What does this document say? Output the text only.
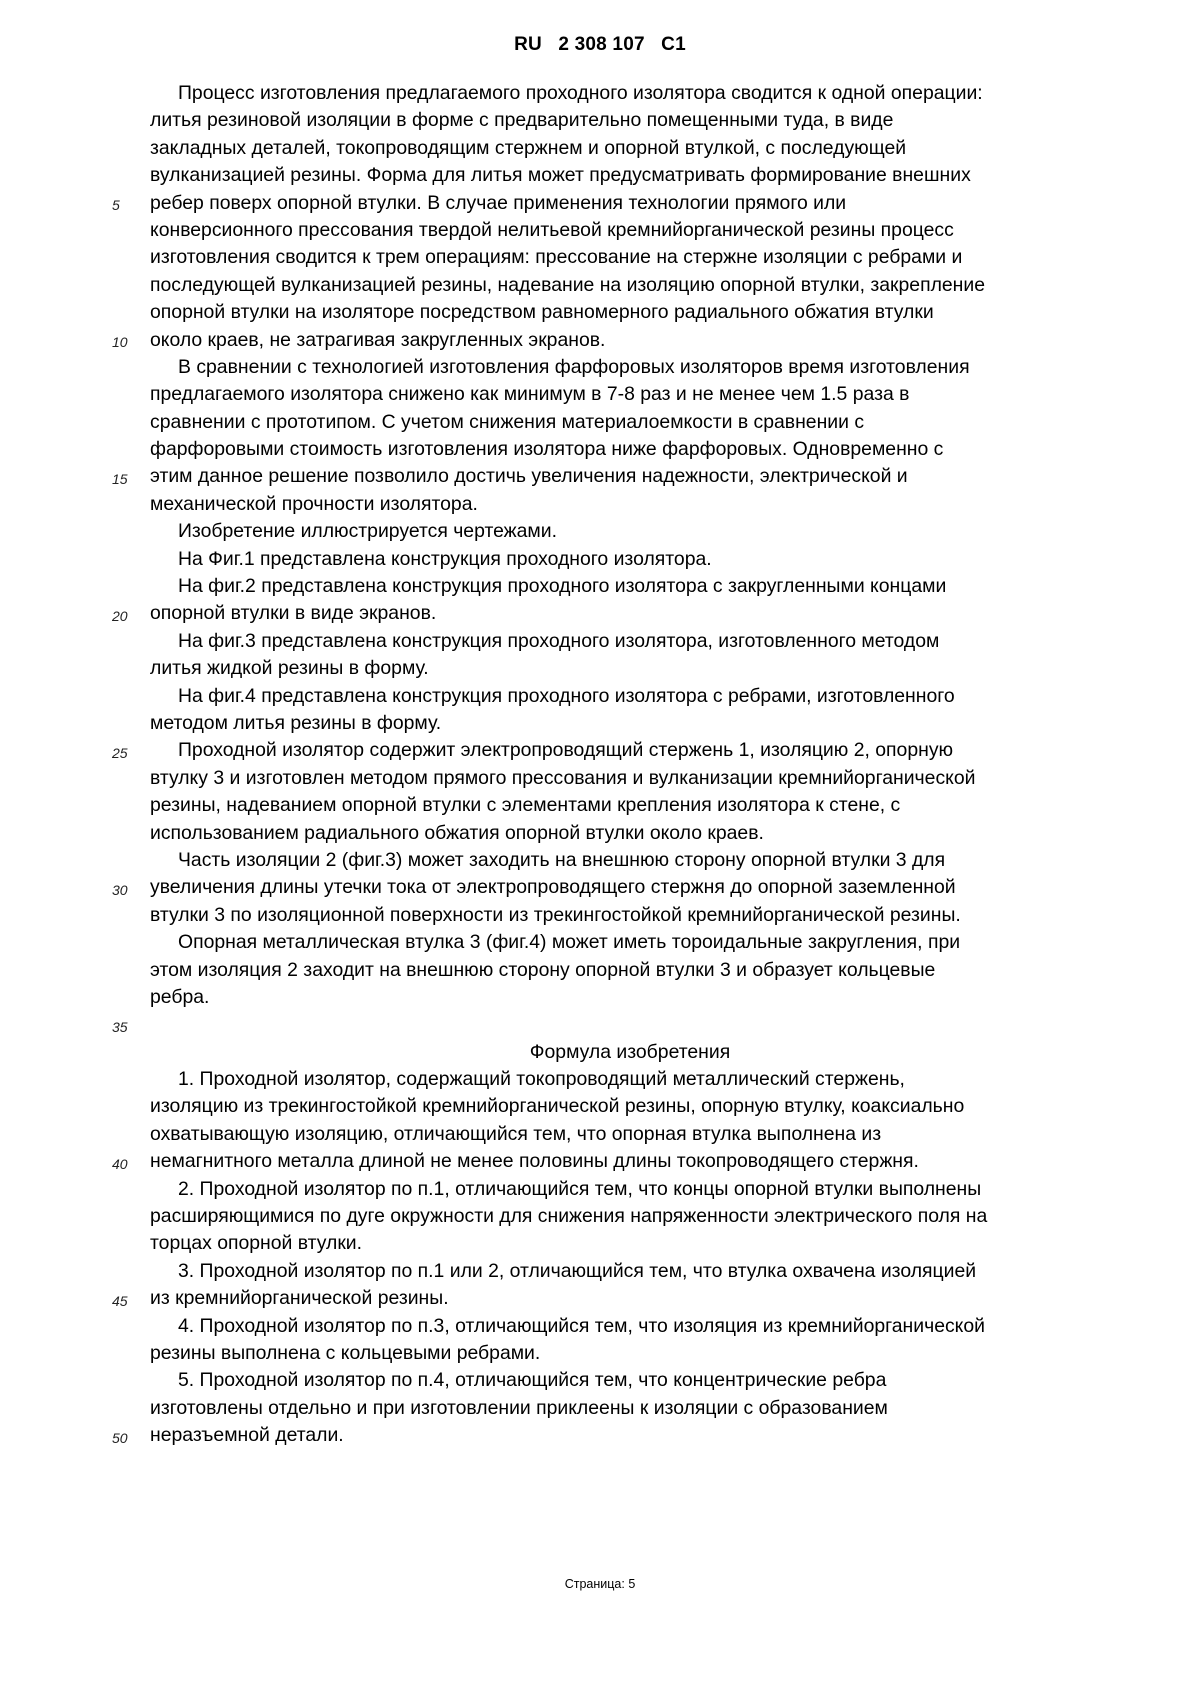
RU   2 308 107   C1
Процесс изготовления предлагаемого проходного изолятора сводится к одной операции:
литья резиновой изоляции в форме с предварительно помещенными туда, в виде
закладных деталей, токопроводящим стержнем и опорной втулкой, с последующей
вулканизацией резины. Форма для литья может предусматривать формирование внешних
ребер поверх опорной втулки. В случае применения технологии прямого или
конверсионного прессования твердой нелитьевой кремнийорганической резины процесс
изготовления сводится к трем операциям: прессование на стержне изоляции с ребрами и
последующей вулканизацией резины, надевание на изоляцию опорной втулки, закрепление
опорной втулки на изоляторе посредством равномерного радиального обжатия втулки
около краев, не затрагивая закругленных экранов.
В сравнении с технологией изготовления фарфоровых изоляторов время изготовления
предлагаемого изолятора снижено как минимум в 7-8 раз и не менее чем 1.5 раза в
сравнении с прототипом. С учетом снижения материалоемкости в сравнении с
фарфоровыми стоимость изготовления изолятора ниже фарфоровых. Одновременно с
этим данное решение позволило достичь увеличения надежности, электрической и
механической прочности изолятора.
Изобретение иллюстрируется чертежами.
На Фиг.1 представлена конструкция проходного изолятора.
На фиг.2 представлена конструкция проходного изолятора с закругленными концами
опорной втулки в виде экранов.
На фиг.3 представлена конструкция проходного изолятора, изготовленного методом
литья жидкой резины в форму.
На фиг.4 представлена конструкция проходного изолятора с ребрами, изготовленного
методом литья резины в форму.
Проходной изолятор содержит электропроводящий стержень 1, изоляцию 2, опорную
втулку 3 и изготовлен методом прямого прессования и вулканизации кремнийорганической
резины, надеванием опорной втулки с элементами крепления изолятора к стене, с
использованием радиального обжатия опорной втулки около краев.
Часть изоляции 2 (фиг.3) может заходить на внешнюю сторону опорной втулки 3 для
увеличения длины утечки тока от электропроводящего стержня до опорной заземленной
втулки 3 по изоляционной поверхности из трекингостойкой кремнийорганической резины.
Опорная металлическая втулка 3 (фиг.4) может иметь тороидальные закругления, при
этом изоляция 2 заходит на внешнюю сторону опорной втулки 3 и образует кольцевые
ребра.
Формула изобретения
1. Проходной изолятор, содержащий токопроводящий металлический стержень,
изоляцию из трекингостойкой кремнийорганической резины, опорную втулку, коаксиально
охватывающую изоляцию, отличающийся тем, что опорная втулка выполнена из
немагнитного металла длиной не менее половины длины токопроводящего стержня.
2. Проходной изолятор по п.1, отличающийся тем, что концы опорной втулки выполнены
расширяющимися по дуге окружности для снижения напряженности электрического поля на
торцах опорной втулки.
3. Проходной изолятор по п.1 или 2, отличающийся тем, что втулка охвачена изоляцией
из кремнийорганической резины.
4. Проходной изолятор по п.3, отличающийся тем, что изоляция из кремнийорганической
резины выполнена с кольцевыми ребрами.
5. Проходной изолятор по п.4, отличающийся тем, что концентрические ребра
изготовлены отдельно и при изготовлении приклеены к изоляции с образованием
неразъемной детали.
5
10
15
20
25
30
35
40
45
50
Страница: 5
